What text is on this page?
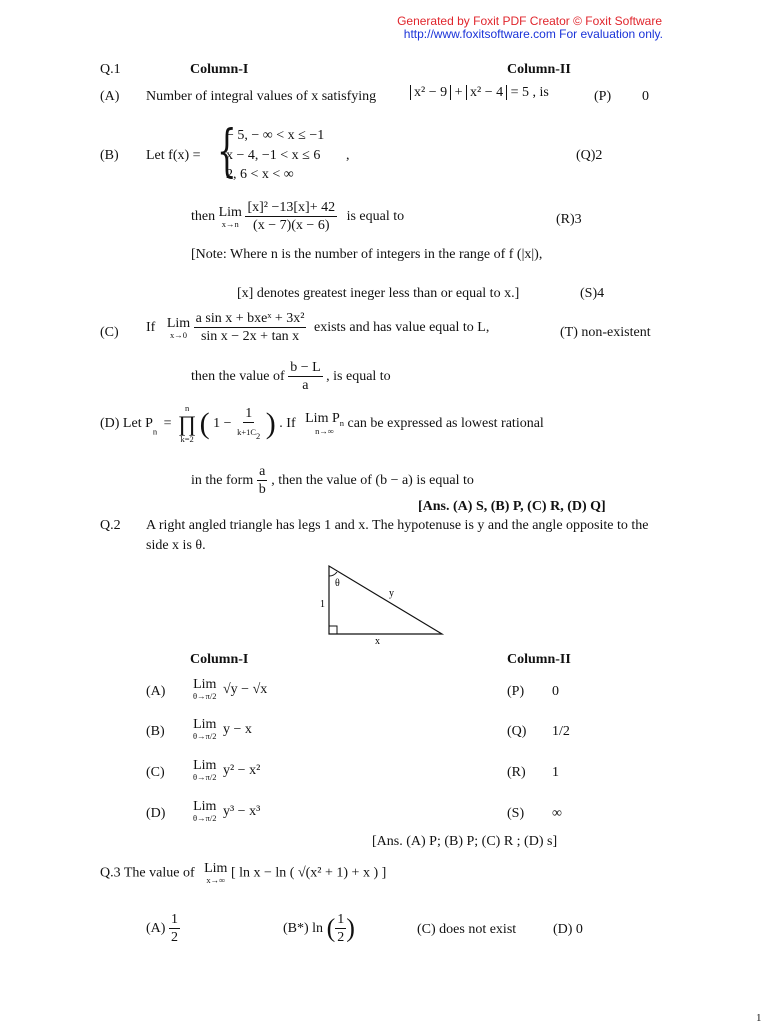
Generated by Foxit PDF Creator © Foxit Software
http://www.foxitsoftware.com For evaluation only.
Q.1	Column-I	Column-II
(A) Number of integral values of x satisfying	x² − 9 + x² − 4 = 5 , is	(P) 0
(B) Let f(x) = {
− 5, − ∞ < x ≤ −1
x − 4, −1 < x ≤ 6
2, 6 < x < ∞
,	(Q)2
then Lim
x→n
$\frac{\text{[x]² −13[x]+ 42}}{(x - 7)(x - 6)}$ is equal to	(R)3
[Note: Where n is the number of integers in the range of f (|x|),
[x] denotes greatest ineger less than or equal to x.]	(S)4
(C) If Lim
x→0
$\frac{\text{a sin x + bxeˣ + 3x²}}{\text{sin x − 2x + tan x}}$ exists and has value equal to L,	(T) non-existent
then the value of $\frac{b - L}{a}$ , is equal to
(D) Let $P_n$ =
n
∏
k=2 ( $1 - \frac{1}{k+1C_2}$ ) . If Lim $P_n$
n→∞
can be expressed as lowest rational
in the form $\frac{a}{b}$ , then the value of (b − a) is equal to
[Ans. (A) S, (B) P, (C) R, (D) Q]
Q.2 A right angled triangle has legs 1 and x. The hypotenuse is y and the angle opposite to the
side x is θ.
θ
y
1
x
Column-I	Column-II
(A) Lim
θ→π/2 √y − √x	(P) 0
(B) Lim
θ→π/2 y − x	(Q) 1/2
(C) Lim
θ→π/2 y² − x²	(R) 1
(D) Lim
θ→π/2 y³ − x³	(S) ∞
[Ans. (A) P; (B) P; (C) R ; (D) s]
Q.3 The value of Lim
x→∞ [ ln x − ln ( √(x² + 1) + x ) ]
$(A) \frac{1}{2}$	(B*) ln ( $\frac{1}{2}$ )	(C) does not exist	(D) 0
1
